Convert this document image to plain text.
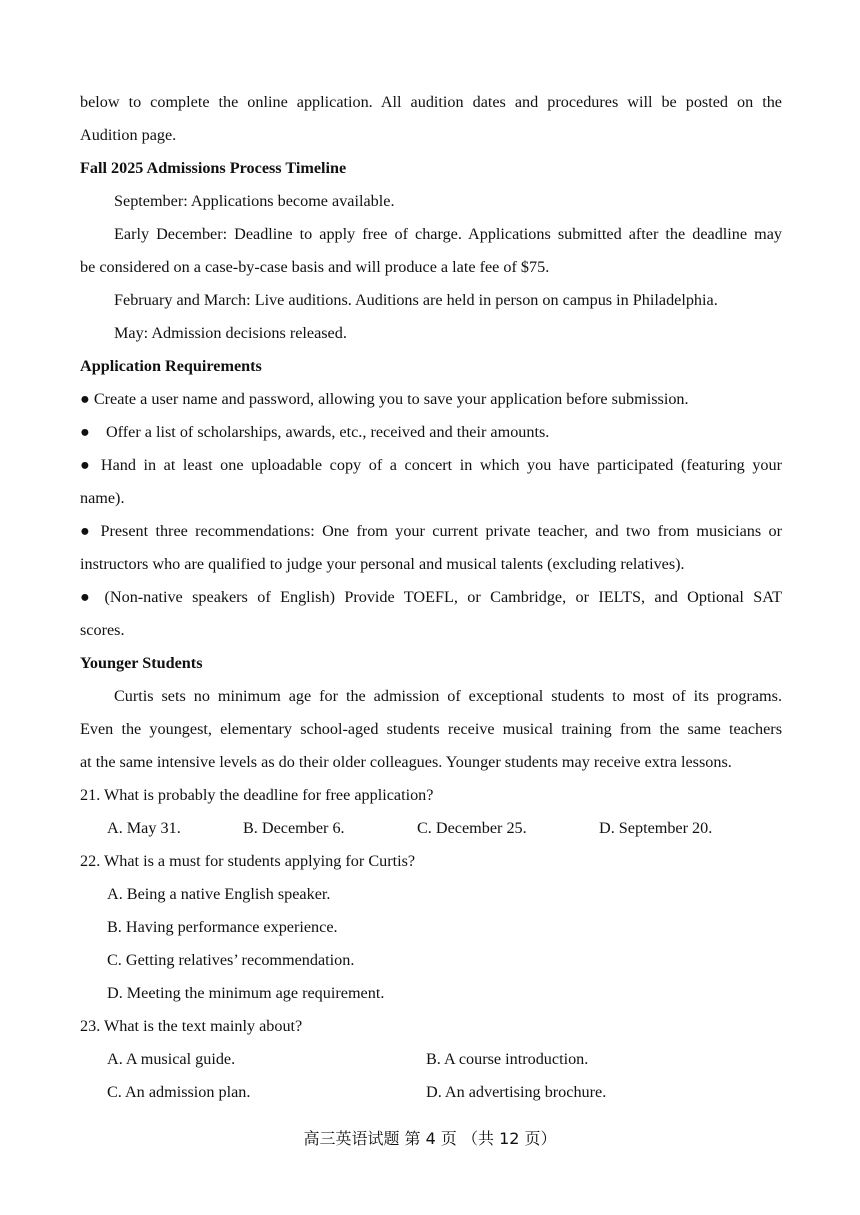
below to complete the online application. All audition dates and procedures will be posted on the

Audition page.

Fall 2025 Admissions Process Timeline

September: Applications become available.

Early December: Deadline to apply free of charge. Applications submitted after the deadline may

be considered on a case-by-case basis and will produce a late fee of $75.

February and March: Live auditions. Auditions are held in person on campus in Philadelphia.

May: Admission decisions released.

Application Requirements

● Create a user name and password, allowing you to save your application before submission.

● Offer a list of scholarships, awards, etc., received and their amounts.

● Hand in at least one uploadable copy of a concert in which you have participated (featuring your

name).

● Present three recommendations: One from your current private teacher, and two from musicians or

instructors who are qualified to judge your personal and musical talents (excluding relatives).

● (Non-native speakers of English) Provide TOEFL, or Cambridge, or IELTS, and Optional SAT

scores.

Younger Students

Curtis sets no minimum age for the admission of exceptional students to most of its programs.

Even the youngest, elementary school-aged students receive musical training from the same teachers

at the same intensive levels as do their older colleagues. Younger students may receive extra lessons.

21. What is probably the deadline for free application?

A. May 31.	B. December 6.	C. December 25.	D. September 20.

22. What is a must for students applying for Curtis?

A. Being a native English speaker.

B. Having performance experience.

C. Getting relatives’ recommendation.

D. Meeting the minimum age requirement.

23. What is the text mainly about?

A. A musical guide.	B. A course introduction.
C. An admission plan.	D. An advertising brochure.
高三英语试题 第 4 页 （共 12 页）
